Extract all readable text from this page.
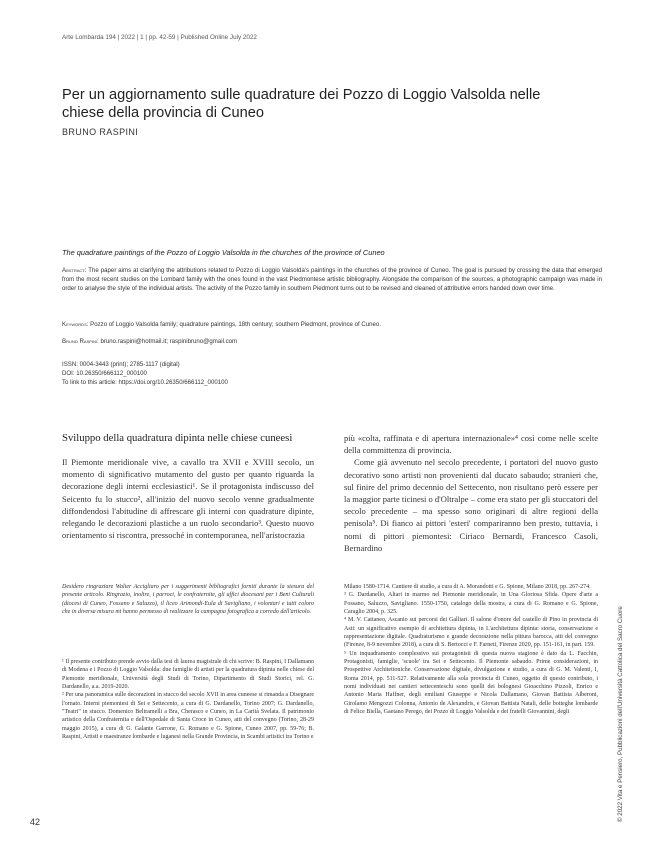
Arte Lombarda 194 | 2022 | 1 | pp. 42-59 | Published Online July 2022
Per un aggiornamento sulle quadrature dei Pozzo di Loggio Valsolda nelle chiese della provincia di Cuneo
BRUNO RASPINI
The quadrature paintings of the Pozzo of Loggio Valsolda in the churches of the province of Cuneo
Abstract: The paper aims at clarifying the attributions related to Pozzo di Loggio Valsolda's paintings in the churches of the province of Cuneo. The goal is pursued by crossing the data that emerged from the most recent studies on the Lombard family with the ones found in the vast Piedmontese artistic bibliography. Alongside the comparison of the sources, a photographic campaign was made in order to analyse the style of the individual artists. The activity of the Pozzo family in southern Piedmont turns out to be revised and cleaned of attributive errors handed down over time.
Keywords: Pozzo of Loggio Valsolda family; quadrature paintings, 18th century; southern Piedmont, province of Cuneo.
Bruno Raspini: bruno.raspini@hotmail.it; raspinibruno@gmail.com
ISSN: 0004-3443 (print); 2785-1117 (digital)
DOI: 10.26350/666112_000100
To link to this article: https://doi.org/10.26350/666112_000100
Sviluppo della quadratura dipinta nelle chiese cuneesi

Il Piemonte meridionale vive, a cavallo tra XVII e XVIII secolo, un momento di significativo mutamento del gusto per quanto riguarda la decorazione degli interni ecclesiastici¹. Se il protagonista indiscusso del Seicento fu lo stucco², all'inizio del nuovo secolo venne gradualmente diffondendosi l'abitudine di affrescare gli interni con quadrature dipinte, relegando le decorazioni plastiche a un ruolo secondario³. Questo nuovo orientamento si riscontra, pressoché in contemporanea, nell'aristocrazia

più «colta, raffinata e di apertura internazionale»⁴ così come nelle scelte della committenza di provincia.

Come già avvenuto nel secolo precedente, i portatori del nuovo gusto decorativo sono artisti non provenienti dal ducato sabaudo; stranieri che, sul finire del primo decennio del Settecento, non risultano però essere per la maggior parte ticinesi o d'Oltralpe – come era stato per gli stuccatori del secolo precedente – ma spesso sono originari di altre regioni della penisola⁵. Di fianco ai pittori 'esteri' compariranno ben presto, tuttavia, i nomi di pittori piemontesi: Ciriaco Bernardi, Francesco Casoli, Bernardino

Desidero ringraziare Walter Accigliaro per i suggerimenti bibliografici forniti durante la stesura del presente articolo. Ringrazio, inoltre, i parroci, le confraternite, gli uffici diocesani per i Beni Culturali (diocesi di Cuneo, Fossano e Saluzzo), il liceo Arimondi-Eula di Savigliano, i volontari e tutti coloro che in diversa misura mi hanno permesso di realizzare la campagna fotografica a corredo dell'articolo.

¹ Il presente contributo prende avvio dalla tesi di laurea magistrale di chi scrive: B. Raspini, I Dallamano di Modena e i Pozzo di Loggio Valsolda: due famiglie di artisti per la quadratura dipinta nelle chiese del Piemonte meridionale, Università degli Studi di Torino, Dipartimento di Studi Storici, rel. G. Dardanello, a.a. 2019-2020.

² Per una panoramica sulle decorazioni in stucco del secolo XVII in area cuneese si rimanda a Disegnare l'ornato. Interni piemontesi di Sei e Settecento, a cura di G. Dardanello, Torino 2007; G. Dardanello, "Teatri" in stucco. Domenico Beltramelli a Bra, Cherasco e Cuneo, in La Carità Svelata. Il patrimonio artistico della Confraternita e dell'Ospedale di Santa Croce in Cuneo, atti del convegno (Torino, 28-29 maggio 2015), a cura di G. Galante Garrone, G. Romano e G. Spione, Cuneo 2007, pp. 59-76; B. Raspini, Artisti e maestranze lombarde e luganesi nella Grande Provincia, in Scambi artistici tra Torino e

Milano 1580-1714. Cantiere di studio, a cura di A. Morandotti e G. Spione, Milano 2018, pp. 267-274.

³ G. Dardanello, Altari in marmo nel Piemonte meridionale, in Una Gloriosa Sfida. Opere d'arte a Fossano, Saluzzo, Savigliano. 1550-1750, catalogo della mostra, a cura di G. Romano e G. Spione, Caraglio 2004, p. 325.

⁴ M. V. Cattaneo, Ascanio sui percorsi dei Galliari. Il salone d'onore del castello di Pino in provincia di Asti: un significativo esempio di architettura dipinta, in L'architettura dipinta: storia, conservazione e rappresentazione digitale. Quadraturismo e grande decorazione nella pittura barocca, atti del convegno (Firenze, 8-9 novembre 2018), a cura di S. Bertocci e F. Farneti, Firenze 2020, pp. 151-161, in part. 159.

⁵ Un inquadramento complessivo sui protagonisti di questa nuova stagione è dato da L. Facchin, Protagonisti, famiglie, 'scuole' tra Sei e Settecento. Il Piemonte sabaudo. Prime considerazioni, in Prospettive Architettoniche. Conservazione digitale, divulgazione e studio, a cura di G. M. Valenti, I, Roma 2014, pp. 511-527. Relativamente alla sola provincia di Cuneo, oggetto di questo contributo, i nomi individuati nei cantieri settecenteschi sono quelli dei bolognesi Gioacchino Pizzoli, Enrico e Antonio Maria Haffner, degli emiliani Giuseppe e Nicola Dallamano, Giovan Battista Alberoni, Girolamo Mengozzi Colonna, Antonio de Alexandris, e Giovan Battista Natali, delle botteghe lombarde di Felice Biella, Gaetano Perego, dei Pozzo di Loggio Valsolda e dei fratelli Giovannini, degli

42	© 2022 Vita e Pensiero, Pubblicazioni dell'Università Cattolica del Sacro Cuore
